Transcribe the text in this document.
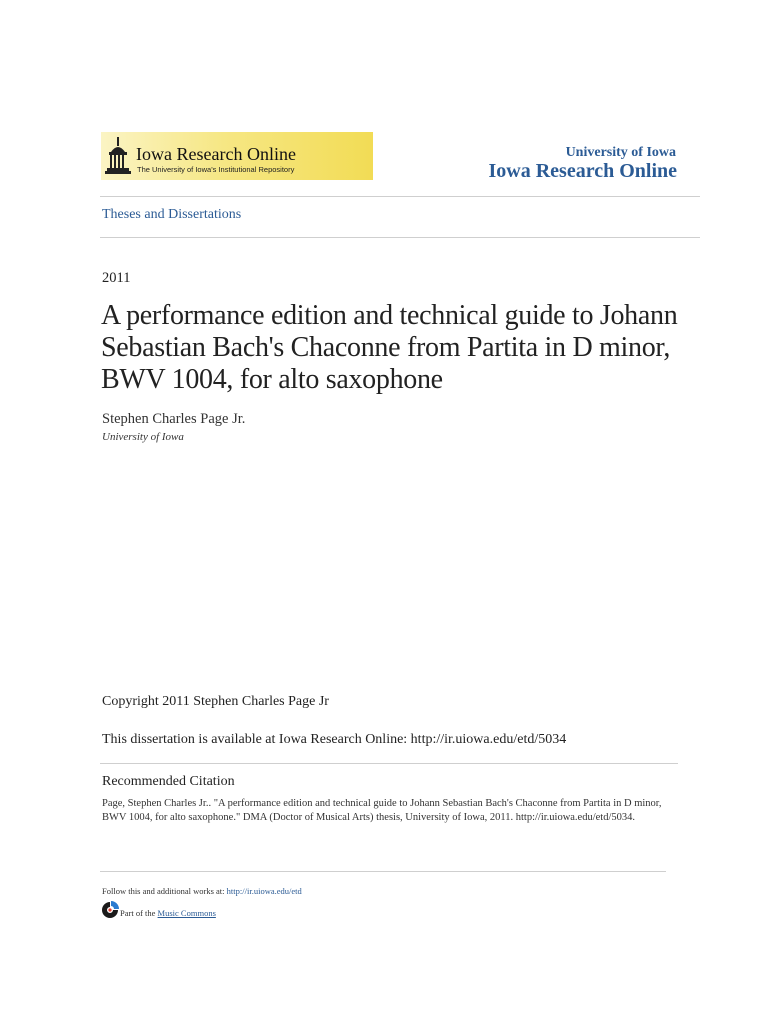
Iowa Research Online
The University of Iowa's Institutional Repository
University of Iowa
Iowa Research Online
Theses and Dissertations
2011
A performance edition and technical guide to Johann Sebastian Bach's Chaconne from Partita in D minor, BWV 1004, for alto saxophone
Stephen Charles Page Jr.
University of Iowa
Copyright 2011 Stephen Charles Page Jr
This dissertation is available at Iowa Research Online: http://ir.uiowa.edu/etd/5034
Recommended Citation
Page, Stephen Charles Jr.. "A performance edition and technical guide to Johann Sebastian Bach's Chaconne from Partita in D minor, BWV 1004, for alto saxophone." DMA (Doctor of Musical Arts) thesis, University of Iowa, 2011. http://ir.uiowa.edu/etd/5034.
Follow this and additional works at: http://ir.uiowa.edu/etd
Part of the Music Commons
